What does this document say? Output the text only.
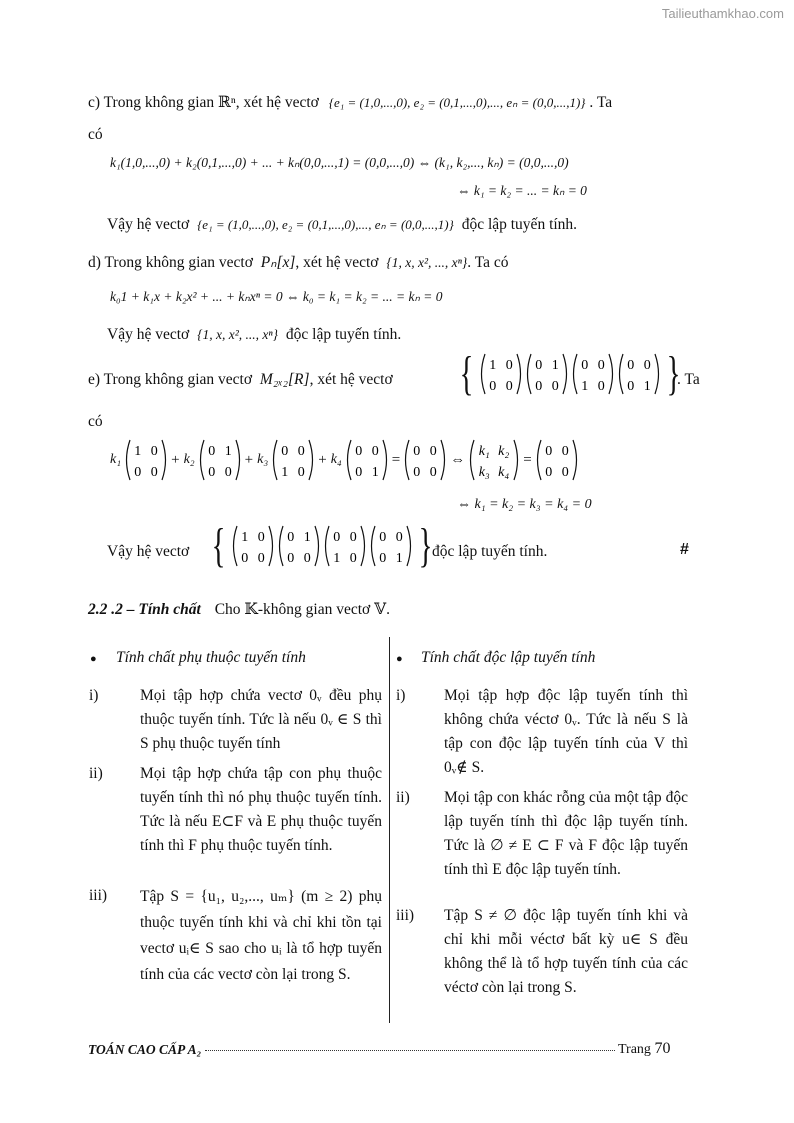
Tailieuthamkhao.com
c) Trong không gian ℝⁿ, xét hệ vectơ {e₁ = (1,0,...,0), e₂ = (0,1,...,0),..., eₙ = (0,0,...,1)} . Ta
có
k₁(1,0,...,0) + k₂(0,1,...,0) + ... + kₙ(0,0,...,1) = (0,0,...,0) ⇔ (k₁, k₂,..., kₙ) = (0,0,...,0)
⇔ k₁ = k₂ = ... = kₙ = 0
Vậy hệ vectơ {e₁ = (1,0,...,0), e₂ = (0,1,...,0),..., eₙ = (0,0,...,1)} độc lập tuyến tính.
d) Trong không gian vectơ Pₙ[x], xét hệ vectơ {1, x, x², ..., xⁿ}. Ta có
k₀1 + k₁x + k₂x² + ... + kₙxⁿ = 0 ⇔ k₀ = k₁ = k₂ = ... = kₙ = 0
Vậy hệ vectơ {1, x, x², ..., xⁿ} độc lập tuyến tính.
e) Trong không gian vectơ M₂ₓ₂[R], xét hệ vectơ { 1 0
0 0
0 1
0 0
0 0
1 0
0 0
0 1 }
. Ta
có
k₁
1 0
0 0
+ k₂
0 1
0 0
+ k₃
0 0
1 0
+ k₄
0 0
0 1
= 0 0
0 0
⇔ k₁ k₂
k₃ k₄
= 0 0
0 0
⇔ k₁ = k₂ = k₃ = k₄ = 0
Vậy hệ vectơ { 1 0
0 0
0 1
0 0
0 0
1 0
0 0
0 1 } độc lập tuyến tính.	#
2.2 .2 – Tính chất Cho 𝕂-không gian vectơ 𝕍.
● Tính chất phụ thuộc tuyến tính	● Tính chất độc lập tuyến tính
i)	Mọi tập hợp chứa vectơ 0ᵥ đều phụ thuộc tuyến tính. Tức là nếu 0ᵥ ∈ S thì S phụ thuộc tuyến tính
ii) Mọi tập hợp chứa tập con phụ thuộc tuyến tính thì nó phụ thuộc tuyến tính. Tức là nếu E⊂F và E phụ thuộc tuyến tính thì F phụ thuộc tuyến tính.
iii) Tập S = {u₁, u₂,..., uₘ} (m ≥ 2) phụ thuộc tuyến tính khi và chỉ khi tồn tại vectơ uᵢ∈ S sao cho uᵢ là tổ hợp tuyến tính của các vectơ còn lại trong S.
i) Mọi tập hợp độc lập tuyến tính thì không chứa véctơ 0ᵥ. Tức là nếu S là tập con độc lập tuyến tính của V thì 0ᵥ∉ S.
ii) Mọi tập con khác rỗng của một tập độc lập tuyến tính thì độc lập tuyến tính. Tức là ∅ ≠ E ⊂ F và F độc lập tuyến tính thì E độc lập tuyến tính.
iii) Tập S ≠ ∅ độc lập tuyến tính khi và chỉ khi mỗi véctơ bất kỳ u∈ S đều không thể là tổ hợp tuyến tính của các véctơ còn lại trong S.
TOÁN CAO CẤP A₂	Trang 70
